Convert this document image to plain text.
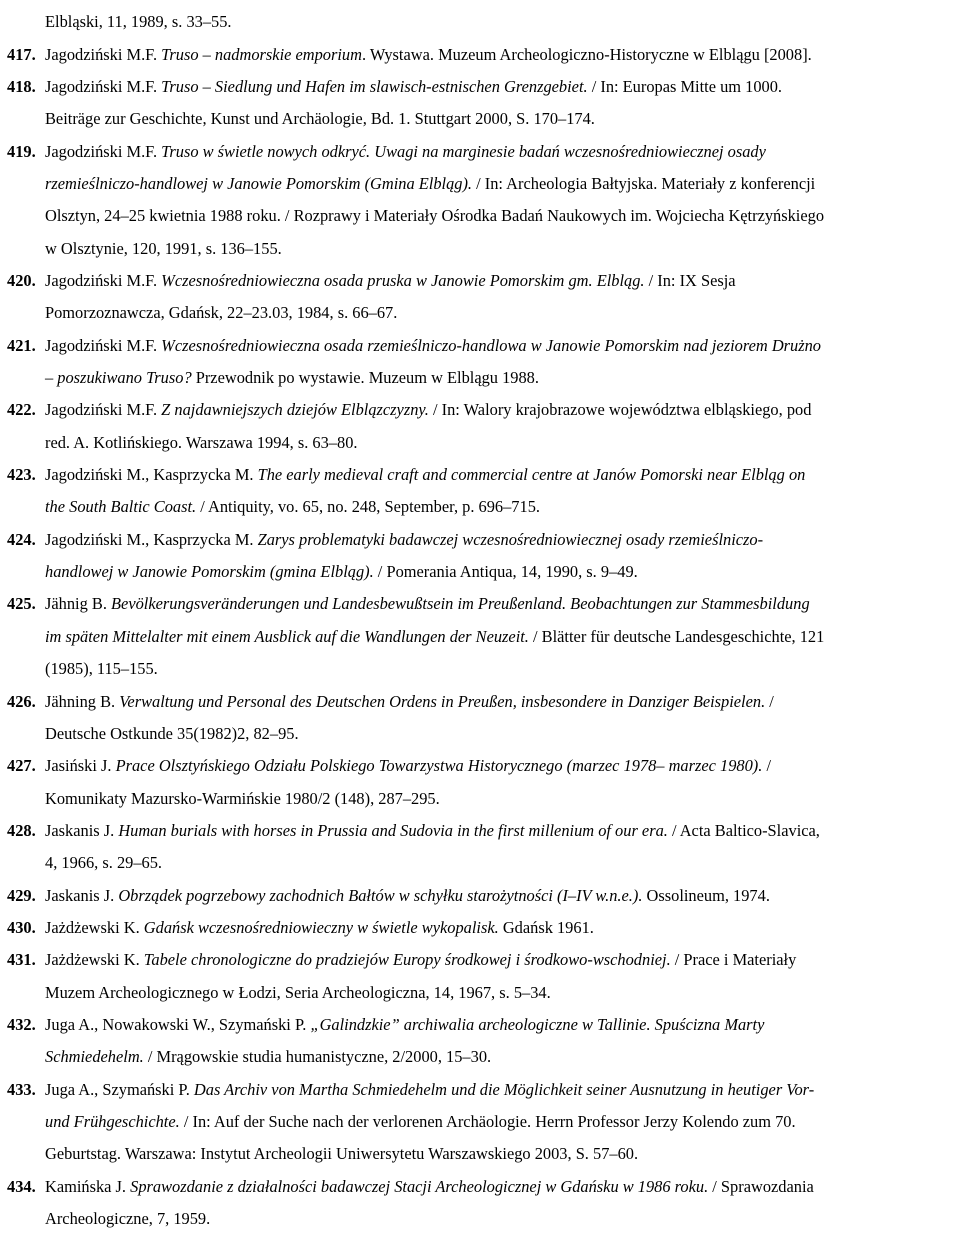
Elbląski, 11, 1989, s. 33–55.
417. Jagodziński M.F. Truso – nadmorskie emporium. Wystawa. Muzeum Archeologiczno-Historyczne w Elblągu [2008].
418. Jagodziński M.F. Truso – Siedlung und Hafen im slawisch-estnischen Grenzgebiet. / In: Europas Mitte um 1000.
Beiträge zur Geschichte, Kunst und Archäologie, Bd. 1. Stuttgart 2000, S. 170–174.
419. Jagodziński M.F. Truso w świetle nowych odkryć. Uwagi na marginesie badań wczesnośredniowiecznej osady
rzemieślniczo-handlowej w Janowie Pomorskim (Gmina Elbląg). / In: Archeologia Bałtyjska. Materiały z konferencji
Olsztyn, 24–25 kwietnia 1988 roku. / Rozprawy i Materiały Ośrodka Badań Naukowych im. Wojciecha Kętrzyńskiego
w Olsztynie, 120, 1991, s. 136–155.
420. Jagodziński M.F. Wczesnośredniowieczna osada pruska w Janowie Pomorskim gm. Elbląg. / In: IX Sesja
Pomorzoznawcza, Gdańsk, 22–23.03, 1984, s. 66–67.
421. Jagodziński M.F. Wczesnośredniowieczna osada rzemieślniczo-handlowa w Janowie Pomorskim nad jeziorem Drużno
– poszukiwano Truso? Przewodnik po wystawie. Muzeum w Elblągu 1988.
422. Jagodziński M.F. Z najdawniejszych dziejów Elblązczyzny. / In: Walory krajobrazowe województwa elbląskiego, pod
red. A. Kotlińskiego. Warszawa 1994, s. 63–80.
423. Jagodziński M., Kasprzycka M. The early medieval craft and commercial centre at Janów Pomorski near Elbląg on
the South Baltic Coast. / Antiquity, vo. 65, no. 248, September, p. 696–715.
424. Jagodziński M., Kasprzycka M. Zarys problematyki badawczej wczesnośredniowiecznej osady rzemieślniczo-
handlowej w Janowie Pomorskim (gmina Elbląg). / Pomerania Antiqua, 14, 1990, s. 9–49.
425. Jähnig B. Bevölkerungsveränderungen und Landesbewußtsein im Preußenland. Beobachtungen zur Stammesbildung
im späten Mittelalter mit einem Ausblick auf die Wandlungen der Neuzeit. / Blätter für deutsche Landesgeschichte, 121
(1985), 115–155.
426. Jähning B. Verwaltung und Personal des Deutschen Ordens in Preußen, insbesondere in Danziger Beispielen. /
Deutsche Ostkunde 35(1982)2, 82–95.
427. Jasiński J. Prace Olsztyńskiego Odziału Polskiego Towarzystwa Historycznego (marzec 1978– marzec 1980). /
Komunikaty Mazursko-Warmińskie 1980/2 (148), 287–295.
428. Jaskanis J. Human burials with horses in Prussia and Sudovia in the first millenium of our era. / Acta Baltico-Slavica,
4, 1966, s. 29–65.
429. Jaskanis J. Obrządek pogrzebowy zachodnich Bałtów w schyłku starożytności (I–IV w.n.e.). Ossolineum, 1974.
430. Jażdżewski K. Gdańsk wczesnośredniowieczny w świetle wykopalisk. Gdańsk 1961.
431. Jażdżewski K. Tabele chronologiczne do pradziejów Europy środkowej i środkowo-wschodniej. / Prace i Materiały
Muzem Archeologicznego w Łodzi, Seria Archeologiczna, 14, 1967, s. 5–34.
432. Juga A., Nowakowski W., Szymański P. „Galindzkie” archiwalia archeologiczne w Tallinie. Spuścizna Marty
Schmiedehelm. / Mrągowskie studia humanistyczne, 2/2000, 15–30.
433. Juga A., Szymański P. Das Archiv von Martha Schmiedehelm und die Möglichkeit seiner Ausnutzung in heutiger Vor-
und Frühgeschichte. / In: Auf der Suche nach der verlorenen Archäologie. Herrn Professor Jerzy Kolendo zum 70.
Geburtstag. Warszawa: Instytut Archeologii Uniwersytetu Warszawskiego 2003, S. 57–60.
434. Kamińska J. Sprawozdanie z działalności badawczej Stacji Archeologicznej w Gdańsku w 1986 roku. / Sprawozdania
Archeologiczne, 7, 1959.
